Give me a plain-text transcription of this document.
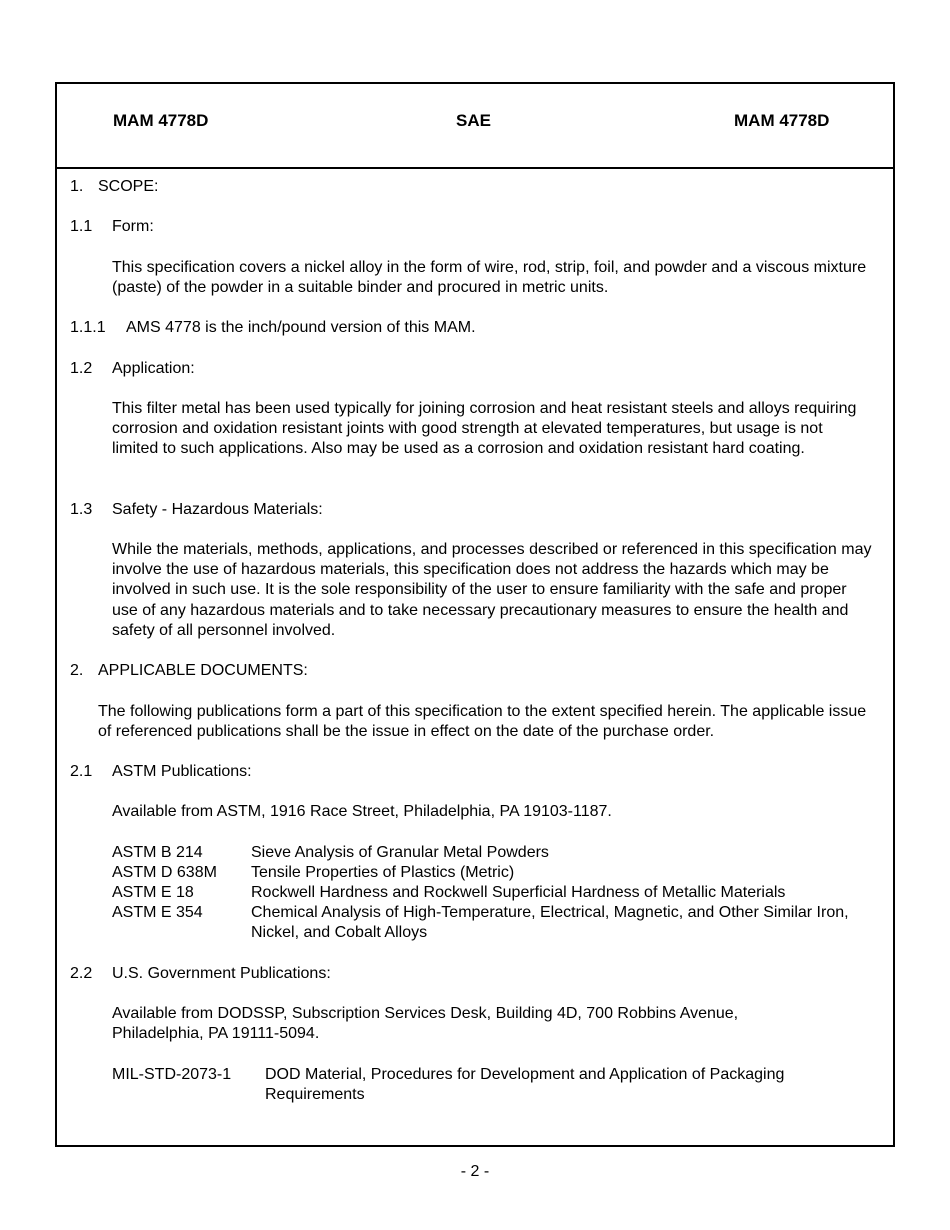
MAM 4778D	SAE	MAM 4778D
1. SCOPE:
1.1 Form:
This specification covers a nickel alloy in the form of wire, rod, strip, foil, and powder and a viscous mixture (paste) of the powder in a suitable binder and procured in metric units.
1.1.1 AMS 4778 is the inch/pound version of this MAM.
1.2 Application:
This filter metal has been used typically for joining corrosion and heat resistant steels and alloys requiring corrosion and oxidation resistant joints with good strength at elevated temperatures, but usage is not limited to such applications. Also may be used as a corrosion and oxidation resistant hard coating.
1.3 Safety - Hazardous Materials:
While the materials, methods, applications, and processes described or referenced in this specification may involve the use of hazardous materials, this specification does not address the hazards which may be involved in such use. It is the sole responsibility of the user to ensure familiarity with the safe and proper use of any hazardous materials and to take necessary precautionary measures to ensure the health and safety of all personnel involved.
2. APPLICABLE DOCUMENTS:
The following publications form a part of this specification to the extent specified herein. The applicable issue of referenced publications shall be the issue in effect on the date of the purchase order.
2.1 ASTM Publications:
Available from ASTM, 1916 Race Street, Philadelphia, PA 19103-1187.
ASTM B 214	Sieve Analysis of Granular Metal Powders
ASTM D 638M Tensile Properties of Plastics (Metric)
ASTM E 18	Rockwell Hardness and Rockwell Superficial Hardness of Metallic Materials
ASTM E 354	Chemical Analysis of High-Temperature, Electrical, Magnetic, and Other Similar Iron, Nickel, and Cobalt Alloys
2.2 U.S. Government Publications:
Available from DODSSP, Subscription Services Desk, Building 4D, 700 Robbins Avenue, Philadelphia, PA 19111-5094.
MIL-STD-2073-1 DOD Material, Procedures for Development and Application of Packaging Requirements
- 2 -
